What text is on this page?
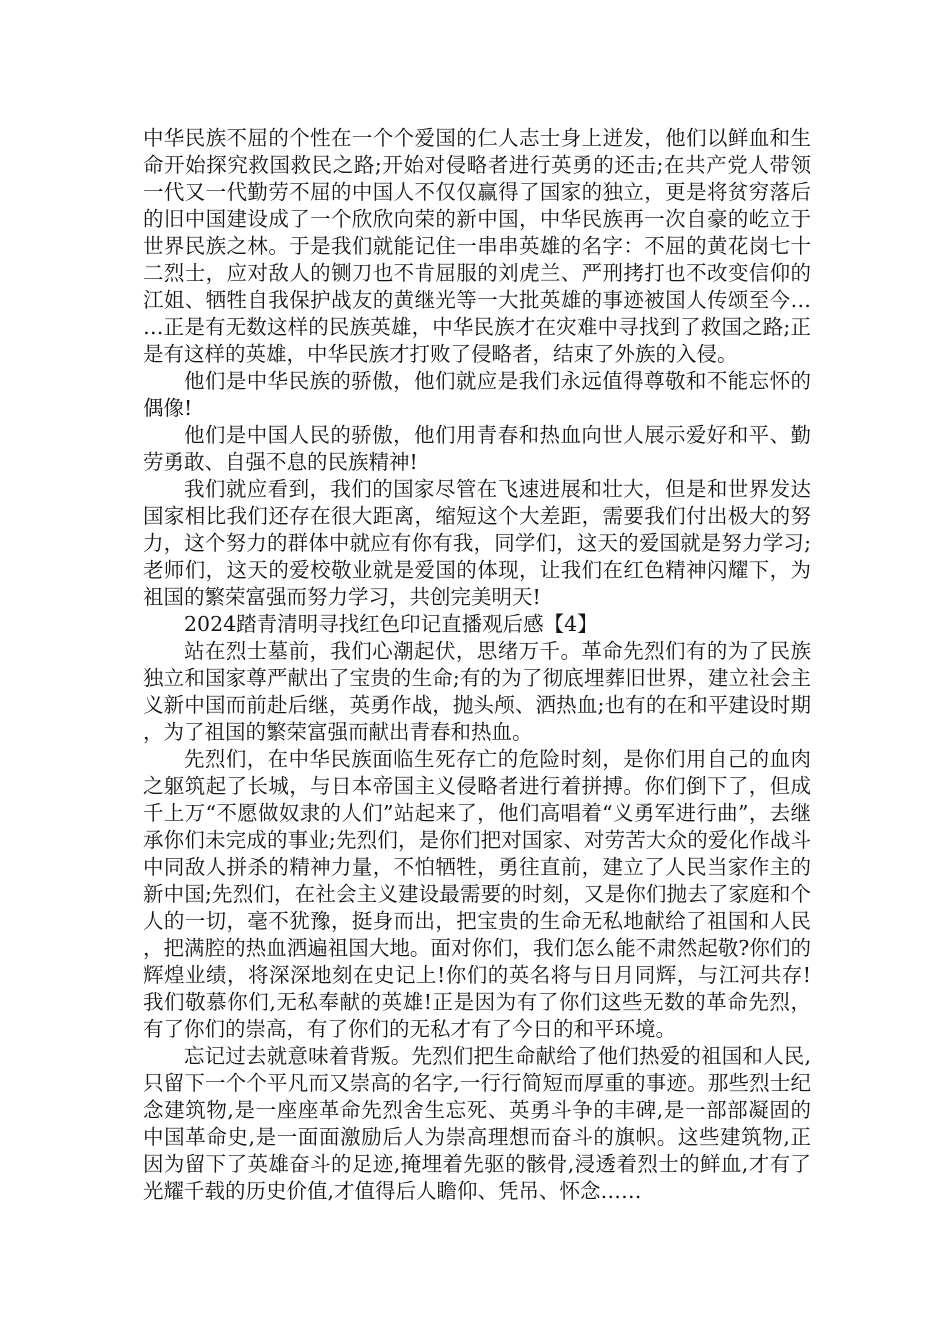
中华民族不屈的个性在一个个爱国的仁人志士身上迸发，他们以鲜血和生命开始探究救国救民之路;开始对侵略者进行英勇的还击;在共产党人带领一代又一代勤劳不屈的中国人不仅仅赢得了国家的独立，更是将贫穷落后的旧中国建设成了一个欣欣向荣的新中国，中华民族再一次自豪的屹立于世界民族之林。于是我们就能记住一串串英雄的名字：不屈的黄花岗七十二烈士，应对敌人的铡刀也不肯屈服的刘虎兰、严刑拷打也不改变信仰的江姐、牺牲自我保护战友的黄继光等一大批英雄的事迹被国人传颂至今……正是有无数这样的民族英雄，中华民族才在灾难中寻找到了救国之路;正是有这样的英雄，中华民族才打败了侵略者，结束了外族的入侵。

他们是中华民族的骄傲，他们就应是我们永远值得尊敬和不能忘怀的偶像!

他们是中国人民的骄傲，他们用青春和热血向世人展示爱好和平、勤劳勇敢、自强不息的民族精神!

我们就应看到，我们的国家尽管在飞速进展和壮大，但是和世界发达国家相比我们还存在很大距离，缩短这个大差距，需要我们付出极大的努力，这个努力的群体中就应有你有我，同学们，这天的爱国就是努力学习;老师们，这天的爱校敬业就是爱国的体现，让我们在红色精神闪耀下，为祖国的繁荣富强而努力学习，共创完美明天!

2024踏青清明寻找红色印记直播观后感【4】

站在烈士墓前，我们心潮起伏，思绪万千。革命先烈们有的为了民族独立和国家尊严献出了宝贵的生命;有的为了彻底埋葬旧世界，建立社会主义新中国而前赴后继，英勇作战，抛头颅、洒热血;也有的在和平建设时期，为了祖国的繁荣富强而献出青春和热血。

先烈们，在中华民族面临生死存亡的危险时刻，是你们用自己的血肉之躯筑起了长城，与日本帝国主义侵略者进行着拼搏。你们倒下了，但成千上万“不愿做奴隶的人们”站起来了，他们高唱着“义勇军进行曲”，去继承你们未完成的事业;先烈们，是你们把对国家、对劳苦大众的爱化作战斗中同敌人拼杀的精神力量，不怕牺牲，勇往直前，建立了人民当家作主的新中国;先烈们，在社会主义建设最需要的时刻，又是你们抛去了家庭和个人的一切，毫不犹豫，挺身而出，把宝贵的生命无私地献给了祖国和人民，把满腔的热血洒遍祖国大地。面对你们，我们怎么能不肃然起敬?你们的辉煌业绩，将深深地刻在史记上!你们的英名将与日月同辉，与江河共存!我们敬慕你们,无私奉献的英雄!正是因为有了你们这些无数的革命先烈，有了你们的崇高，有了你们的无私才有了今日的和平环境。

忘记过去就意味着背叛。先烈们把生命献给了他们热爱的祖国和人民,只留下一个个平凡而又崇高的名字,一行行简短而厚重的事迹。那些烈士纪念建筑物,是一座座革命先烈舍生忘死、英勇斗争的丰碑,是一部部凝固的中国革命史,是一面面激励后人为崇高理想而奋斗的旗帜。这些建筑物,正因为留下了英雄奋斗的足迹,掩埋着先驱的骸骨,浸透着烈士的鲜血,才有了光耀千载的历史价值,才值得后人瞻仰、凭吊、怀念……
